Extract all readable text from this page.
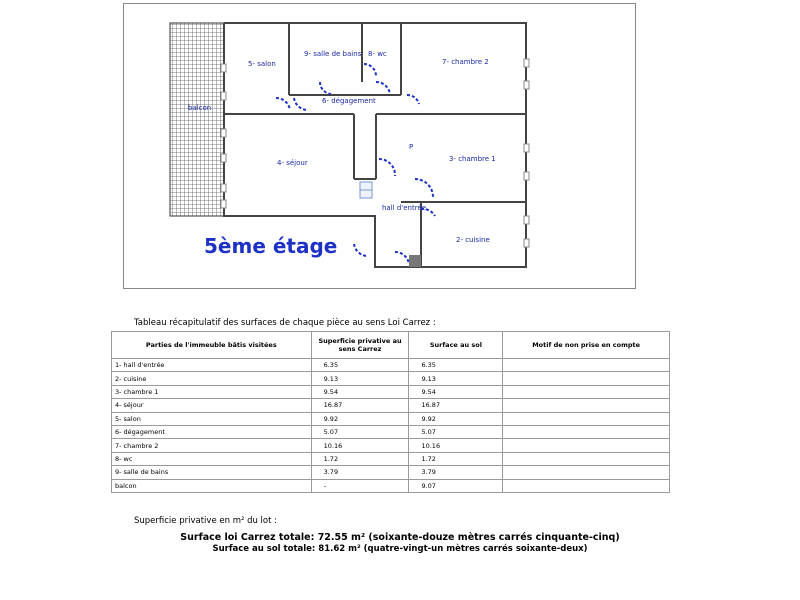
5- salon
9- salle de bains 8- wc
7- chambre 2
balcon
6- dégagement
4- séjour
P
3- chambre 1
hall d'entrée
2- cuisine
5ème étage
Tableau récapitulatif des surfaces de chaque pièce au sens Loi Carrez :
Parties de l'immeuble bâtis visitées	Superficie privative au sens Carrez	Surface au sol	Motif de non prise en compte
1- hall d'entrée	6.35	6.35	
2- cuisine	9.13	9.13	
3- chambre 1	9.54	9.54	
4- séjour	16.87	16.87	
5- salon	9.92	9.92	
6- dégagement	5.07	5.07	
7- chambre 2	10.16	10.16	
8- wc	1.72	1.72	
9- salle de bains	3.79	3.79	
balcon	-	9.07	
Superficie privative en m² du lot :
Surface loi Carrez totale: 72.55 m² (soixante-douze mètres carrés cinquante-cinq)
Surface au sol totale: 81.62 m² (quatre-vingt-un mètres carrés soixante-deux)
